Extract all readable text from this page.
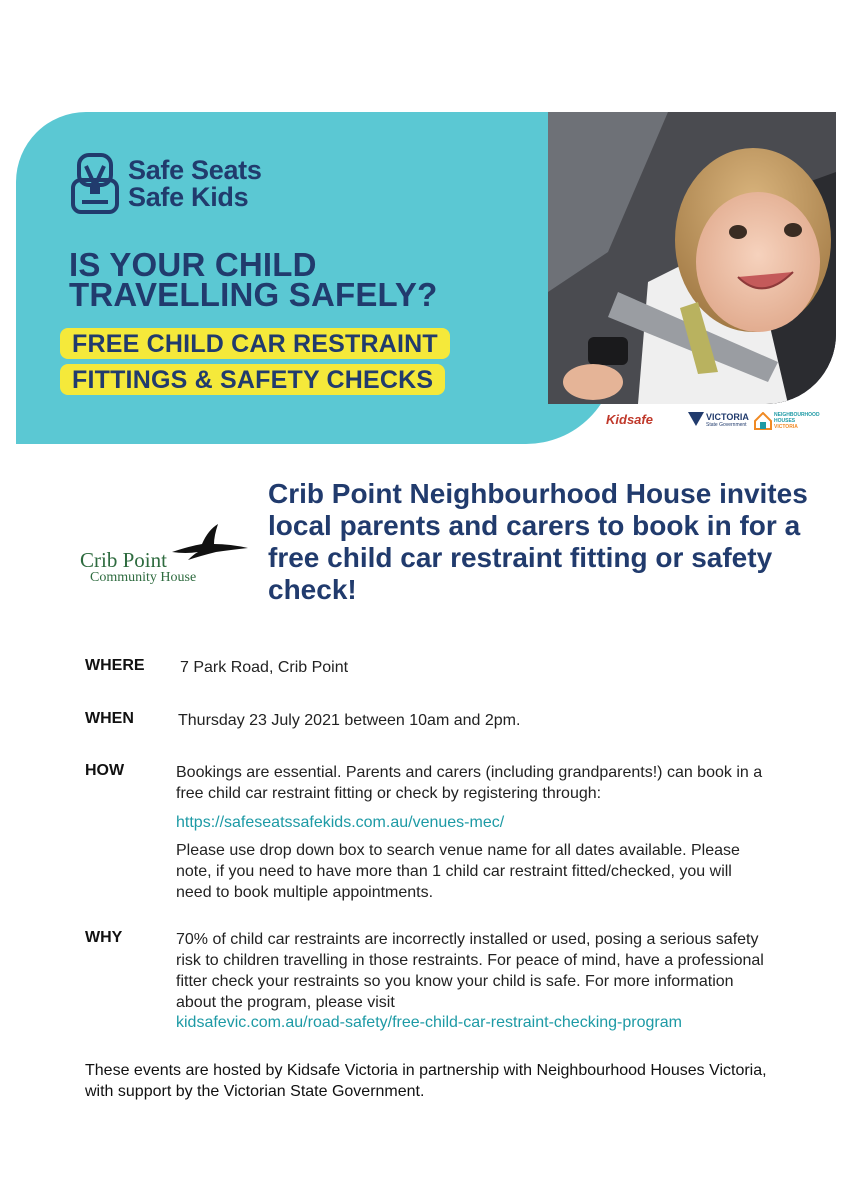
Safe Seats
Safe Kids
IS YOUR CHILD
TRAVELLING SAFELY?
FREE CHILD CAR RESTRAINT
FITTINGS & SAFETY CHECKS
Kidsafe	VICTORIA
State Government
NEIGHBOURHOOD HOUSES
VICTORIA
Crib Point
Community House
Crib Point Neighbourhood House invites local parents and carers to book in for a free child car restraint fitting or safety check!
WHERE 7 Park Road, Crib Point
WHEN	Thursday 23 July 2021 between 10am and 2pm.
HOW	Bookings are essential. Parents and carers (including grandparents!) can book in a free child car restraint fitting or check by registering through:
https://safeseatssafekids.com.au/venues-mec/
Please use drop down box to search venue name for all dates available. Please note, if you need to have more than 1 child car restraint fitted/checked, you will need to book multiple appointments.
WHY	70% of child car restraints are incorrectly installed or used, posing a serious safety risk to children travelling in those restraints. For peace of mind, have a professional fitter check your restraints so you know your child is safe. For more information about the program, please visit
kidsafevic.com.au/road-safety/free-child-car-restraint-checking-program
These events are hosted by Kidsafe Victoria in partnership with Neighbourhood Houses Victoria, with support by the Victorian State Government.
